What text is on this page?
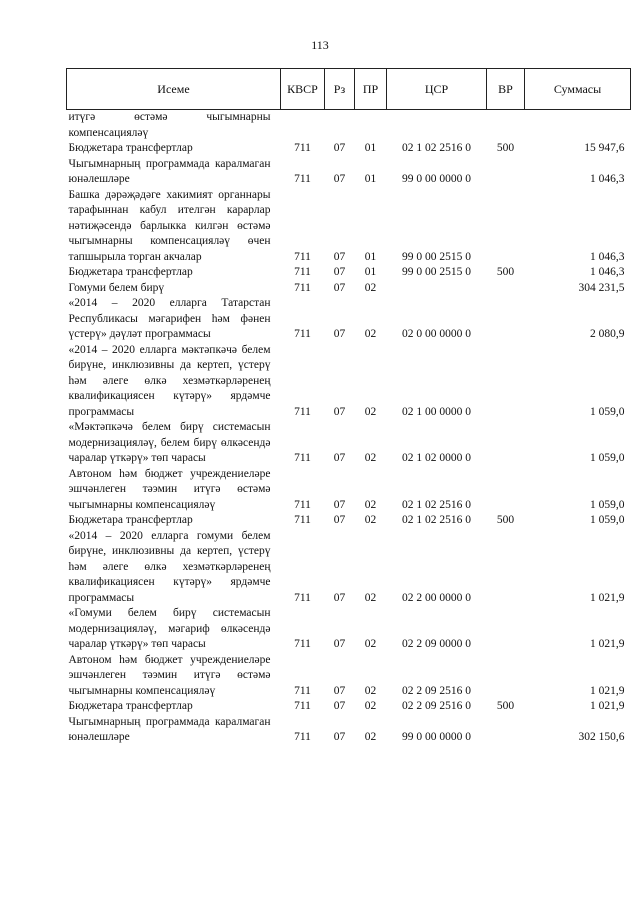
113
Исеме	КВСР	Рз	ПР	ЦСР	ВР	Суммасы
итүгә өстәмә чыгымнарны компенсацияләү						
Бюджетара трансфертлар	711	07	01	02 1 02 2516 0	500	15 947,6
Чыгымнарның программада каралмаган юнәлешләре	711	07	01	99 0 00 0000 0		1 046,3
Башка дәрәҗәдәге хакимият органнары тарафыннан кабул ителгән карарлар нәтиҗәсендә барлыкка килгән өстәмә чыгымнарны компенсацияләү өчен тапшырыла торган акчалар	711	07	01	99 0 00 2515 0		1 046,3
Бюджетара трансфертлар	711	07	01	99 0 00 2515 0	500	1 046,3
Гомуми белем бирү	711	07	02			304 231,5
«2014 – 2020 елларга Татарстан Республикасы мәгарифен һәм фәнен үстерү» дәүләт программасы	711	07	02	02 0 00 0000 0		2 080,9
«2014 – 2020 елларга мәктәпкәчә белем бирүне, инклюзивны да кертеп, үстерү һәм әлеге өлкә хезмәткәрләренең квалификациясен күтәрү» ярдәмче программасы	711	07	02	02 1 00 0000 0		1 059,0
«Мәктәпкәчә белем бирү системасын модернизацияләү, белем бирү өлкәсендә чаралар үткәрү» төп чарасы	711	07	02	02 1 02 0000 0		1 059,0
Автоном һәм бюджет учреждениеләре эшчәнлеген тәэмин итүгә өстәмә чыгымнарны компенсацияләү	711	07	02	02 1 02 2516 0		1 059,0
Бюджетара трансфертлар	711	07	02	02 1 02 2516 0	500	1 059,0
«2014 – 2020 елларга гомуми белем бирүне, инклюзивны да кертеп, үстерү һәм әлеге өлкә хезмәткәрләренең квалификациясен күтәрү» ярдәмче программасы	711	07	02	02 2 00 0000 0		1 021,9
«Гомуми белем бирү системасын модернизацияләү, мәгариф өлкәсендә чаралар үткәрү» төп чарасы	711	07	02	02 2 09 0000 0		1 021,9
Автоном һәм бюджет учреждениеләре эшчәнлеген тәэмин итүгә өстәмә чыгымнарны компенсацияләү	711	07	02	02 2 09 2516 0		1 021,9
Бюджетара трансфертлар	711	07	02	02 2 09 2516 0	500	1 021,9
Чыгымнарның программада каралмаган юнәлешләре	711	07	02	99 0 00 0000 0		302 150,6
